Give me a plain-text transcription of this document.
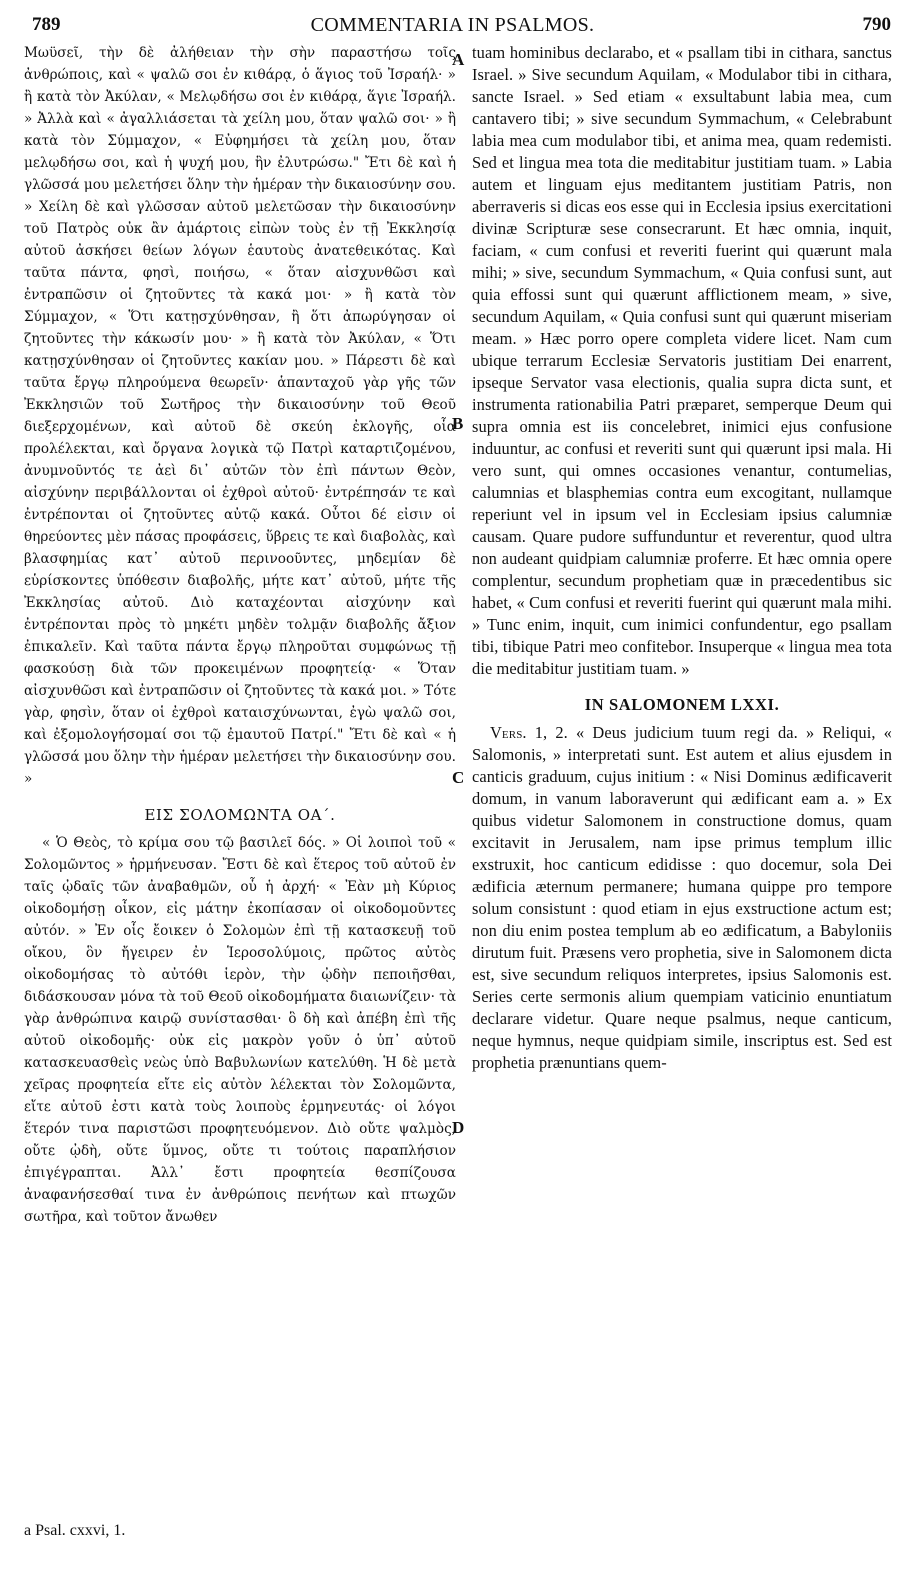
789	COMMENTARIA IN PSALMOS.	790

Μωϋσεῖ, τὴν δὲ ἀλήθειαν τὴν σὴν παραστήσω τοῖς ἀνθρώποις, καὶ « ψαλῶ σοι ἐν κιθάρᾳ, ὁ ἅγιος τοῦ Ἰσραήλ· » ἢ κατὰ τὸν Ἀκύλαν, « Μελῳδήσω σοι ἐν κιθάρᾳ, ἅγιε Ἰσραήλ. » Ἀλλὰ καὶ « ἀγαλλιάσεται τὰ χείλη μου, ὅταν ψαλῶ σοι· » ἢ κατὰ τὸν Σύμμαχον, « Εὐφημήσει τὰ χείλη μου, ὅταν μελῳδήσω σοι, καὶ ἡ ψυχή μου, ἣν ἐλυτρώσω." Ἔτι δὲ καὶ ἡ γλῶσσά μου μελετήσει ὅλην τὴν ἡμέραν τὴν δικαιοσύνην σου. » Χείλη δὲ καὶ γλῶσσαν αὐτοῦ μελετῶσαν τὴν δικαιοσύνην τοῦ Πατρὸς οὐκ ἂν ἁμάρτοις εἰπὼν τοὺς ἐν τῇ Ἐκκλησίᾳ αὐτοῦ ἀσκήσει θείων λόγων ἑαυτοὺς ἀνατεθεικότας. Καὶ ταῦτα πάντα, φησὶ, ποιήσω, « ὅταν αἰσχυνθῶσι καὶ ἐντραπῶσιν οἱ ζητοῦντες τὰ κακά μοι· » ἢ κατὰ τὸν Σύμμαχον, « Ὅτι κατῃσχύνθησαν, ἢ ὅτι ἀπωρύγησαν οἱ ζητοῦντες τὴν κάκωσίν μου· » ἢ κατὰ τὸν Ἀκύλαν, « Ὅτι κατῃσχύνθησαν οἱ ζητοῦντες κακίαν μου. » Πάρεστι δὲ καὶ ταῦτα ἔργῳ πληρούμενα θεωρεῖν· ἁπανταχοῦ γὰρ γῆς τῶν Ἐκκλησιῶν τοῦ Σωτῆρος τὴν δικαιοσύνην τοῦ Θεοῦ διεξερχομένων, καὶ αὐτοῦ δὲ σκεύη ἐκλογῆς, οἷα προλέλεκται, καὶ ὄργανα λογικὰ τῷ Πατρὶ καταρτιζομένου, ἀνυμνοῦντός τε ἀεὶ δι᾽ αὐτῶν τὸν ἐπὶ πάντων Θεὸν, αἰσχύνην περιβάλλονται οἱ ἐχθροὶ αὐτοῦ· ἐντρέπησάν τε καὶ ἐντρέπονται οἱ ζητοῦντες αὐτῷ κακά. Οὗτοι δέ εἰσιν οἱ θηρεύοντες μὲν πάσας προφάσεις, ὕβρεις τε καὶ διαβολὰς, καὶ βλασφημίας κατ᾽ αὐτοῦ περινοοῦντες, μηδεμίαν δὲ εὑρίσκοντες ὑπόθεσιν διαβολῆς, μήτε κατ᾽ αὐτοῦ, μήτε τῆς Ἐκκλησίας αὐτοῦ. Διὸ καταχέονται αἰσχύνην καὶ ἐντρέπονται πρὸς τὸ μηκέτι μηδὲν τολμᾷν διαβολῆς ἄξιον ἐπικαλεῖν. Καὶ ταῦτα πάντα ἔργῳ πληροῦται συμφώνως τῇ φασκούσῃ διὰ τῶν προκειμένων προφητείᾳ· « Ὅταν αἰσχυνθῶσι καὶ ἐντραπῶσιν οἱ ζητοῦντες τὰ κακά μοι. » Τότε γὰρ, φησὶν, ὅταν οἱ ἐχθροὶ καταισχύνωνται, ἐγὼ ψαλῶ σοι, καὶ ἐξομολογήσομαί σοι τῷ ἐμαυτοῦ Πατρί." Ἔτι δὲ καὶ « ἡ γλῶσσά μου ὅλην τὴν ἡμέραν μελετήσει τὴν δικαιοσύνην σου. »

ΕΙΣ ΣΟΛΟΜΩΝΤΑ ΟΑ΄.

« Ὁ Θεὸς, τὸ κρίμα σου τῷ βασιλεῖ δός. » Οἱ λοιποὶ τοῦ « Σολομῶντος » ἡρμήνευσαν. Ἔστι δὲ καὶ ἕτερος τοῦ αὐτοῦ ἐν ταῖς ᾠδαῖς τῶν ἀναβαθμῶν, οὗ ἡ ἀρχή· « Ἐὰν μὴ Κύριος οἰκοδομήσῃ οἶκον, εἰς μάτην ἐκοπίασαν οἱ οἰκοδομοῦντες αὐτόν. » Ἐν οἷς ἔοικεν ὁ Σολομὼν ἐπὶ τῇ κατασκευῇ τοῦ οἴκου, ὃν ἤγειρεν ἐν Ἱεροσολύμοις, πρῶτος αὐτὸς οἰκοδομήσας τὸ αὐτόθι ἱερὸν, τὴν ᾠδὴν πεποιῆσθαι, διδάσκουσαν μόνα τὰ τοῦ Θεοῦ οἰκοδομήματα διαιωνίζειν· τὰ γὰρ ἀνθρώπινα καιρῷ συνίστασθαι· ὃ δὴ καὶ ἀπέβη ἐπὶ τῆς αὐτοῦ οἰκοδομῆς· οὐκ εἰς μακρὸν γοῦν ὁ ὑπ᾽ αὐτοῦ κατασκευασθεὶς νεὼς ὑπὸ Βαβυλωνίων κατελύθη. Ἡ δὲ μετὰ χεῖρας προφητεία εἴτε εἰς αὐτὸν λέλεκται τὸν Σολομῶντα, εἴτε αὐτοῦ ἐστι κατὰ τοὺς λοιποὺς ἑρμηνευτάς· οἱ λόγοι ἕτερόν τινα παριστῶσι προφητευόμενον. Διὸ οὔτε ψαλμὸς, οὔτε ᾠδὴ, οὔτε ὕμνος, οὔτε τι τούτοις παραπλήσιον ἐπιγέγραπται. Ἀλλ᾽ ἔστι προφητεία θεσπίζουσα ἀναφανήσεσθαί τινα ἐν ἀνθρώποις πενήτων καὶ πτωχῶν σωτῆρα, καὶ τοῦτον ἄνωθεν

tuam hominibus declarabo, et « psallam tibi in cithara, sanctus Israel. » Sive secundum Aquilam, « Modulabor tibi in cithara, sancte Israel. » Sed etiam « exsultabunt labia mea, cum cantavero tibi; » sive secundum Symmachum, « Celebrabunt labia mea cum modulabor tibi, et anima mea, quam redemisti. Sed et lingua mea tota die meditabitur justitiam tuam. » Labia autem et linguam ejus meditantem justitiam Patris, non aberraveris si dicas eos esse qui in Ecclesia ipsius exercitationi divinæ Scripturæ sese consecrarunt. Et hæc omnia, inquit, faciam, « cum confusi et reveriti fuerint qui quærunt mala mihi; » sive, secundum Symmachum, « Quia confusi sunt, aut quia effossi sunt qui quærunt afflictionem meam, » sive, secundum Aquilam, « Quia confusi sunt qui quærunt miseriam meam. » Hæc porro opere completa videre licet. Nam cum ubique terrarum Ecclesiæ Servatoris justitiam Dei enarrent, ipseque Servator vasa electionis, qualia supra dicta sunt, et instrumenta rationabilia Patri præparet, semperque Deum qui supra omnia est iis concelebret, inimici ejus confusione induuntur, ac confusi et reveriti sunt qui quærunt ipsi mala. Hi vero sunt, qui omnes occasiones venantur, contumelias, calumnias et blasphemias contra eum excogitant, nullamque reperiunt vel in ipsum vel in Ecclesiam ipsius calumniæ causam. Quare pudore suffunduntur et reverentur, quod ultra non audeant quidpiam calumniæ proferre. Et hæc omnia opere complentur, secundum prophetiam quæ in præcedentibus sic habet, « Cum confusi et reveriti fuerint qui quærunt mala mihi. » Tunc enim, inquit, cum inimici confundentur, ego psallam tibi, tibique Patri meo confitebor. Insuperque « lingua mea tota die meditabitur justitiam tuam. »

IN SALOMONEM LXXI.

Vers. 1, 2. « Deus judicium tuum regi da. » Reliqui, « Salomonis, » interpretati sunt. Est autem et alius ejusdem in canticis graduum, cujus initium : « Nisi Dominus ædificaverit domum, in vanum laboraverunt qui ædificant eam a. » Ex quibus videtur Salomonem in constructione domus, quam excitavit in Jerusalem, nam ipse primus templum illic exstruxit, hoc canticum edidisse : quo docemur, sola Dei ædificia æternum permanere; humana quippe pro tempore solum consistunt : quod etiam in ejus exstructione actum est; non diu enim postea templum ab eo ædificatum, a Babyloniis dirutum fuit. Præsens vero prophetia, sive in Salomonem dicta est, sive secundum reliquos interpretes, ipsius Salomonis est. Series certe sermonis alium quempiam vaticinio enuntiatum declarare videtur. Quare neque psalmus, neque canticum, neque hymnus, neque quidpiam simile, inscriptus est. Sed est prophetia prænuntians quem-

A
B
C
D
a Psal. cxxvi, 1.
